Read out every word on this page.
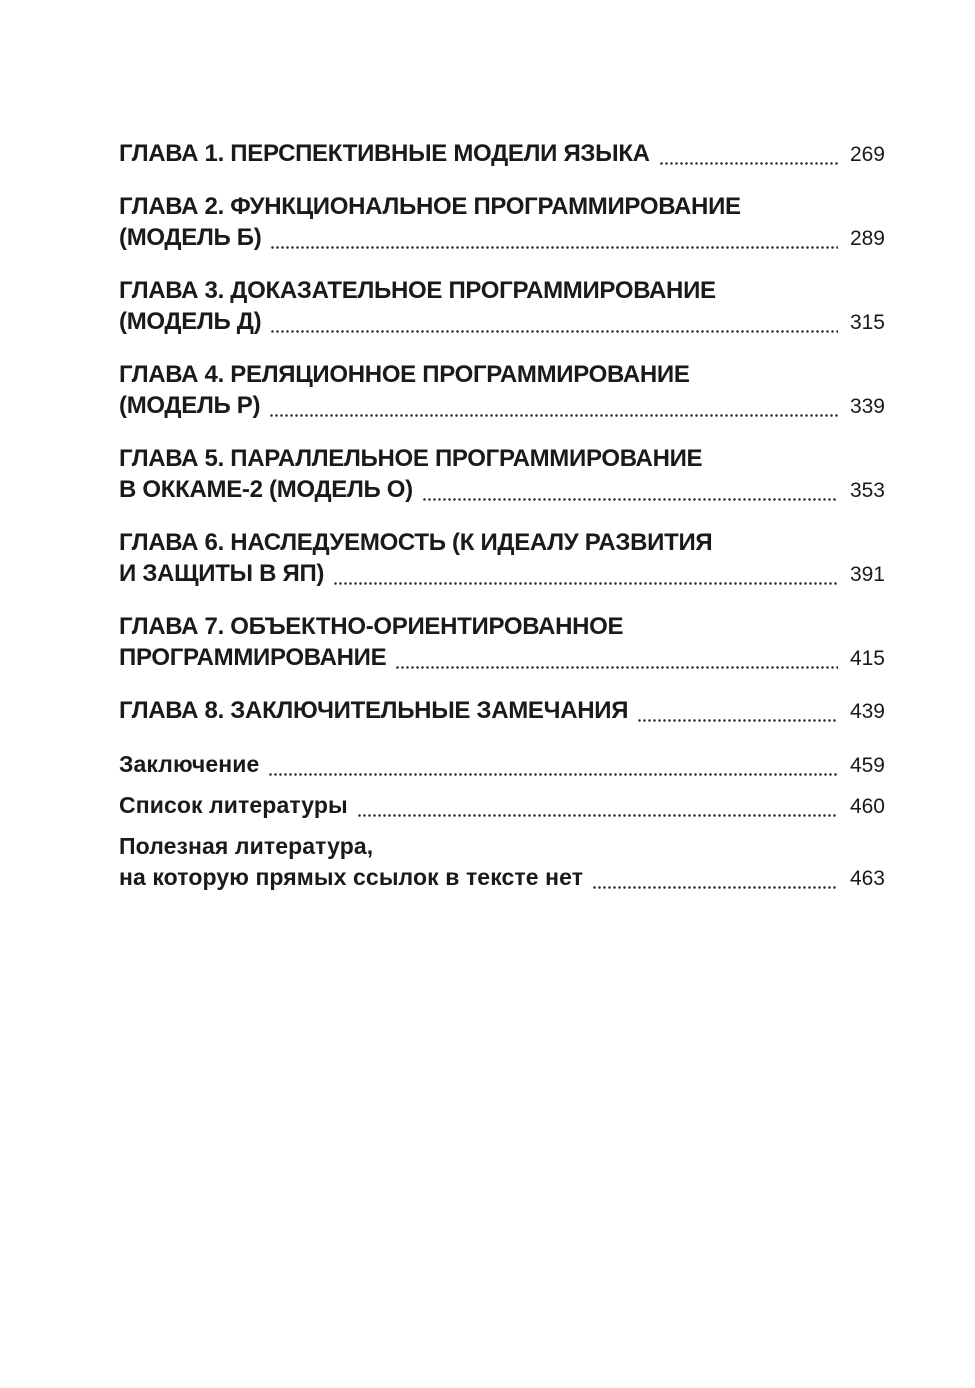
ГЛАВА 1. ПЕРСПЕКТИВНЫЕ МОДЕЛИ ЯЗЫКА	269
ГЛАВА 2. ФУНКЦИОНАЛЬНОЕ ПРОГРАММИРОВАНИЕ
(МОДЕЛЬ Б)	289
ГЛАВА 3. ДОКАЗАТЕЛЬНОЕ ПРОГРАММИРОВАНИЕ
(МОДЕЛЬ Д)	315
ГЛАВА 4. РЕЛЯЦИОННОЕ ПРОГРАММИРОВАНИЕ
(МОДЕЛЬ Р)	339
ГЛАВА 5. ПАРАЛЛЕЛЬНОЕ ПРОГРАММИРОВАНИЕ
В ОККАМЕ-2 (МОДЕЛЬ О)	353
ГЛАВА 6. НАСЛЕДУЕМОСТЬ (К ИДЕАЛУ РАЗВИТИЯ
И ЗАЩИТЫ В ЯП)	391
ГЛАВА 7. ОБЪЕКТНО-ОРИЕНТИРОВАННОЕ
ПРОГРАММИРОВАНИЕ	415
ГЛАВА 8. ЗАКЛЮЧИТЕЛЬНЫЕ ЗАМЕЧАНИЯ	439
Заключение	459
Список литературы	460
Полезная литература,
на которую прямых ссылок в тексте нет	463
